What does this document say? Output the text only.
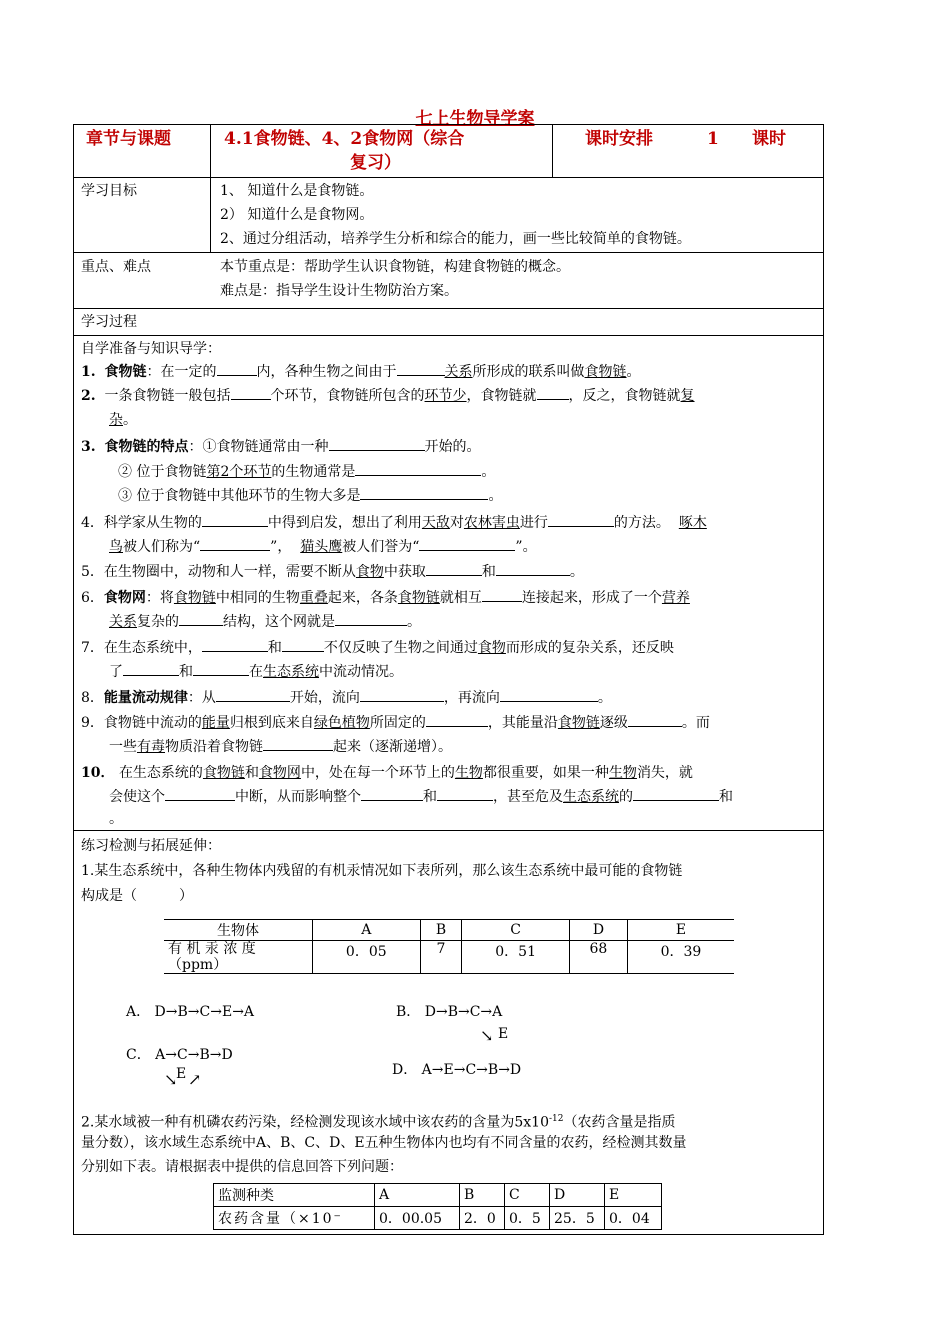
七上生物导学案
章节与课题	4.1食物链、4、2食物网（综合
复习）
课时安排	1 课时
学习目标	1、 知道什么是食物链。
2） 知道什么是食物网。
2、通过分组活动，培养学生分析和综合的能力，画一些比较简单的食物链。
重点、难点	本节重点是：帮助学生认识食物链，构建食物链的概念。
难点是：指导学生设计生物防治方案。
学习过程
自学准备与知识导学：
1. 食物链：在一定的	内，各种生物之间由于	关系所形成的联系叫做食物链。
2. 一条食物链一般包括	个环节，食物链所包含的环节少，食物链就 ，反之，食物链就复
杂。
3. 食物链的特点：①食物链通常由一种	开始的。
② 位于食物链第2个环节的生物通常是	。
③ 位于食物链中其他环节的生物大多是	。
4．科学家从生物的	中得到启发，想出了利用天敌对农林害虫进行	的方法。 啄木
鸟被人们称为“	”， 猫头鹰被人们誉为“	”。
5．在生物圈中，动物和人一样，需要不断从食物中获取	和	。
6．食物网：将食物链中相同的生物重叠起来，各条食物链就相互	连接起来，形成了一个营养
关系复杂的	结构，这个网就是	。
7．在生态系统中，	和	不仅反映了生物之间通过食物而形成的复杂关系，还反映
了	和	在生态系统中流动情况。
8．能量流动规律：从	开始，流向	，再流向	。
9．食物链中流动的能量归根到底来自绿色植物所固定的	，其能量沿食物链逐级	。而
一些有毒物质沿着食物链	起来（逐渐递增）。
10． 在生态系统的食物链和食物网中，处在每一个环节上的生物都很重要，如果一种生物消失，就
会使这个	中断，从而影响整个	和	，甚至危及生态系统的	和
。
练习检测与拓展延伸：
1.某生态系统中，各种生物体内残留的有机汞情况如下表所列，那么该生态系统中最可能的食物链
构成是（　　　）
生物体	A	B	C	D	E
有 机 汞 浓 度
（ppm）	0．05	7	0．51	68	0．39
A． D→B→C→E→A	B． D→B→C→A
↘ E
C． A→C→B→D
↘
E ↗	D． A→E→C→B→D
2.某水域被一种有机磷农药污染，经检测发现该水域中该农药的含量为$5x10^{-12}$（农药含量是指质
量分数），该水域生态系统中A、B、C、D、E五种生物体内也均有不同含量的农药，经检测其数量
分别如下表。请根据表中提供的信息回答下列问题：
监测种类	A	B	C	D	E
农药含量（×10⁻	0．00.05	2．0	0．5	25．5	0．04
